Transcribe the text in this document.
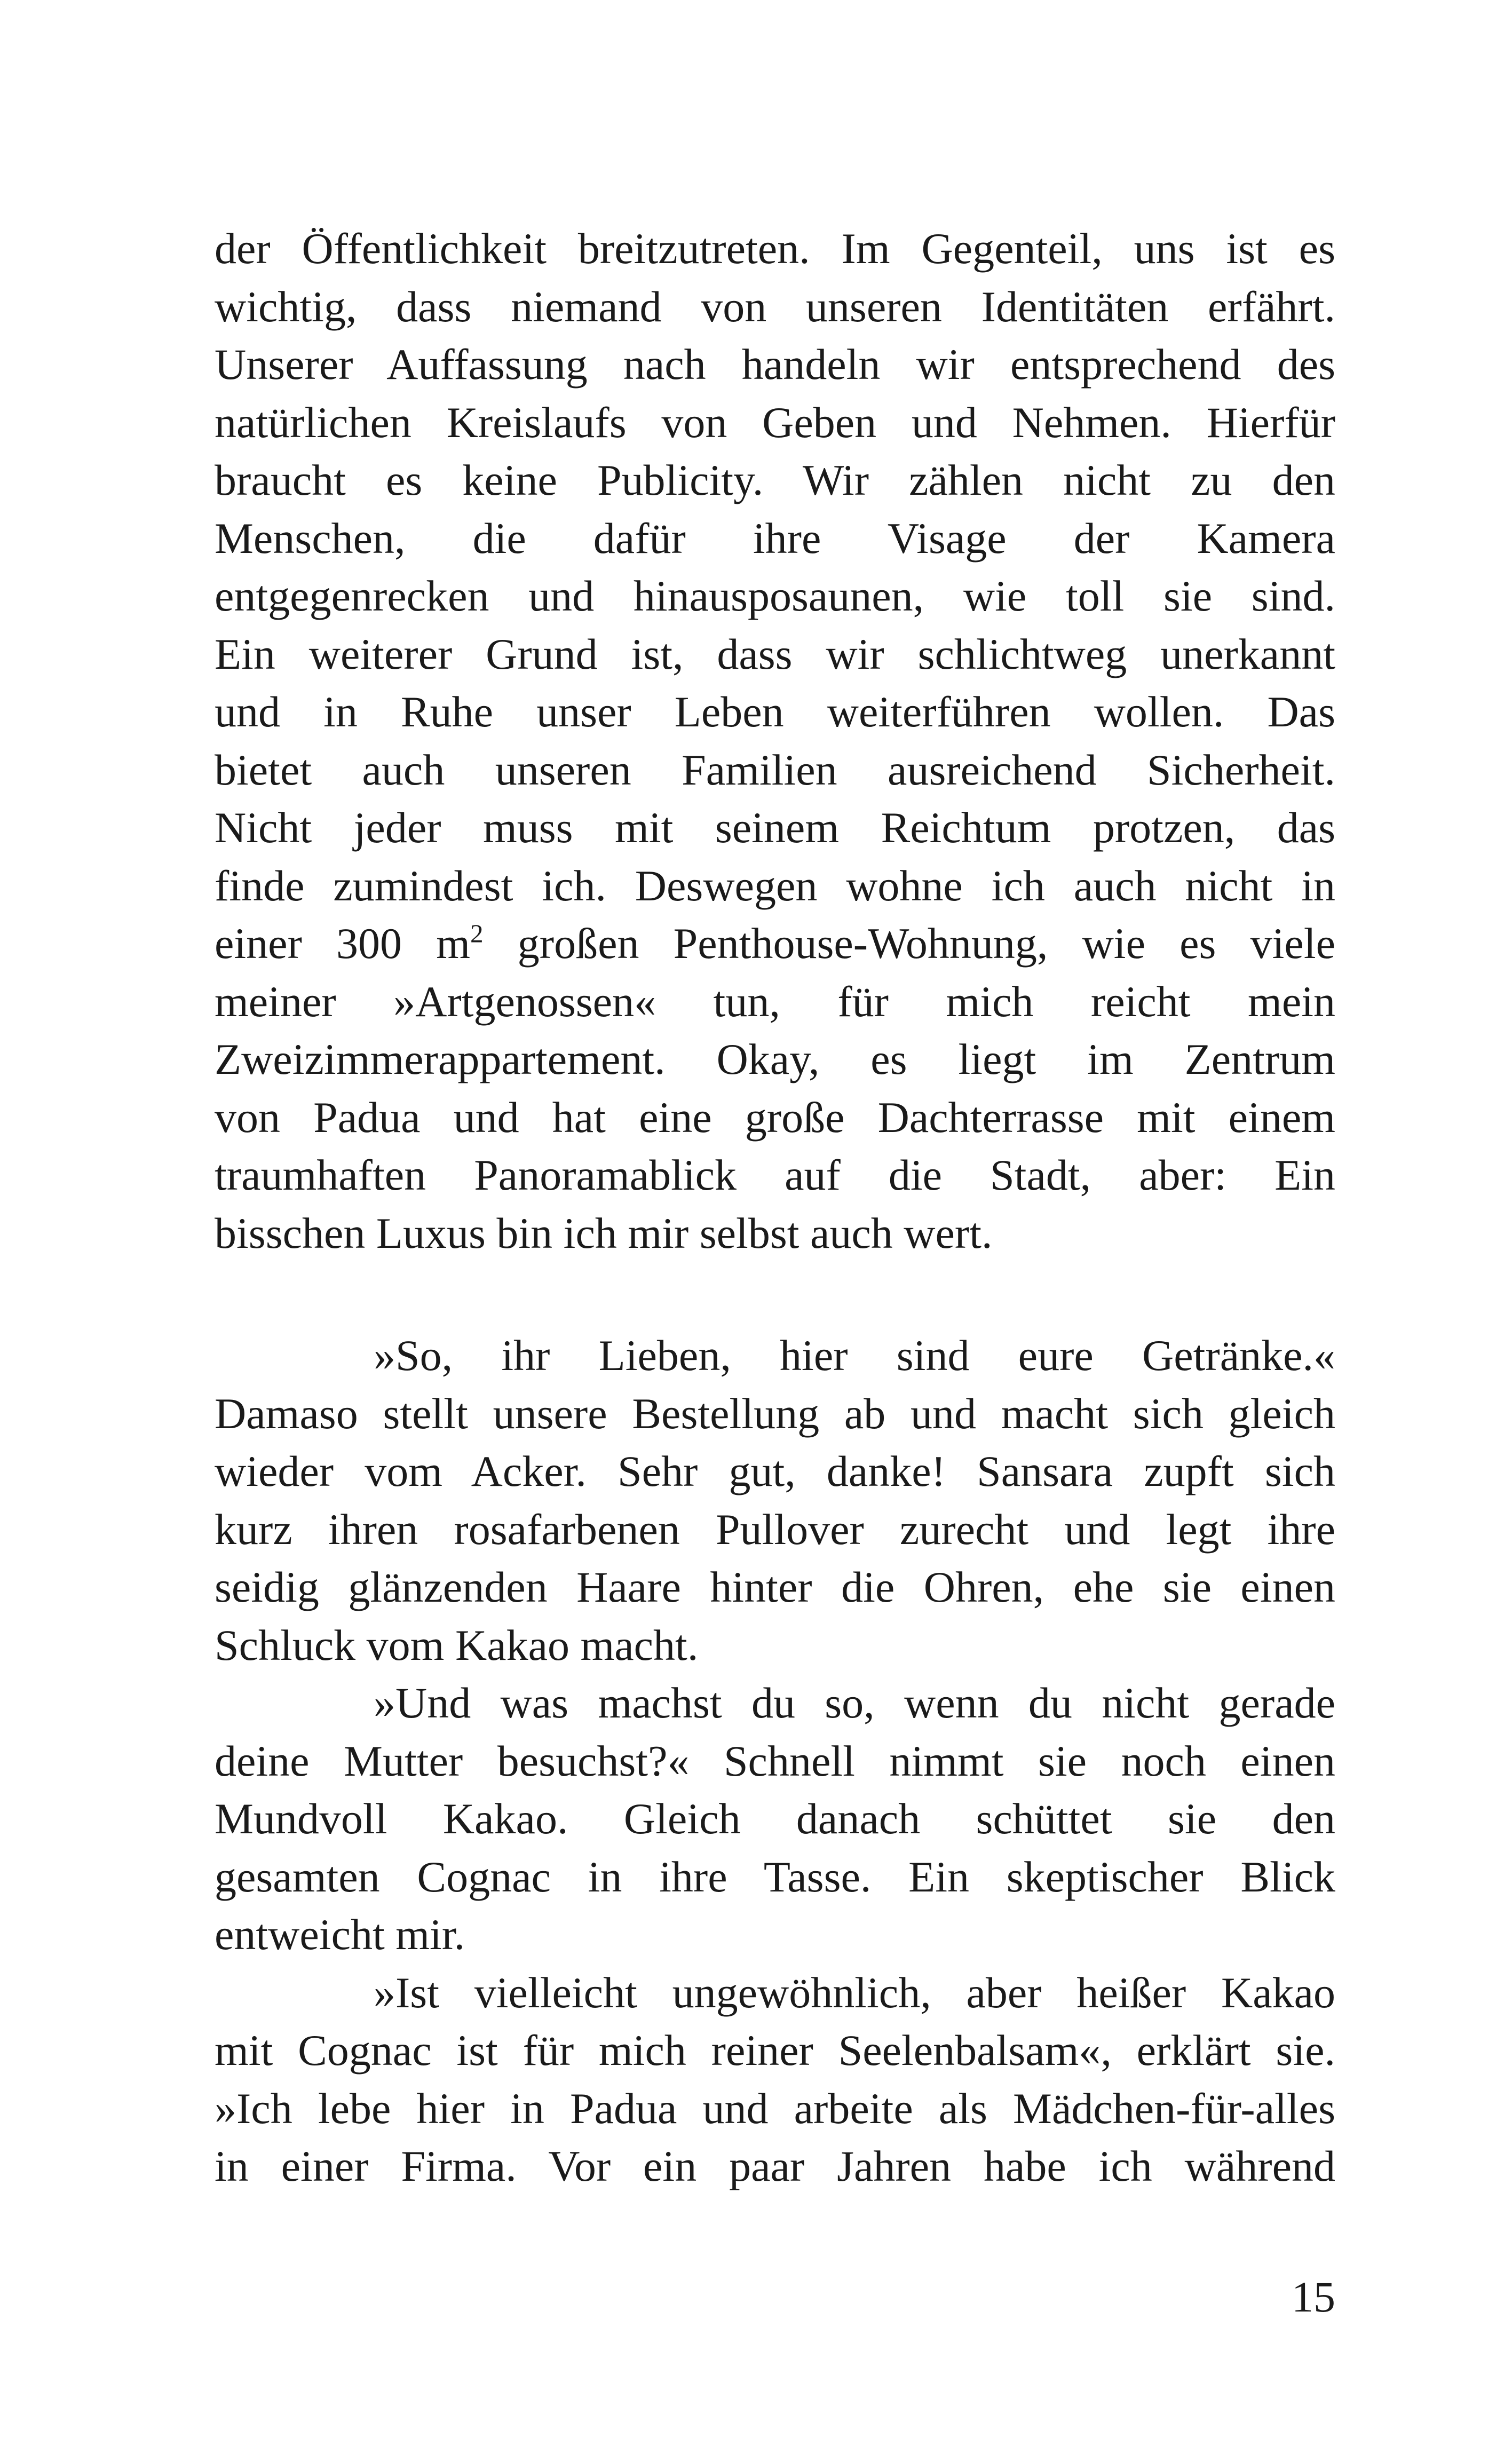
der Öffentlichkeit breitzutreten. Im Gegenteil, uns ist es
wichtig, dass niemand von unseren Identitäten erfährt.
Unserer Auffassung nach handeln wir entsprechend des
natürlichen Kreislaufs von Geben und Nehmen. Hierfür
braucht es keine Publicity. Wir zählen nicht zu den
Menschen, die dafür ihre Visage der Kamera
entgegenrecken und hinausposaunen, wie toll sie sind.
Ein weiterer Grund ist, dass wir schlichtweg unerkannt
und in Ruhe unser Leben weiterführen wollen. Das
bietet auch unseren Familien ausreichend Sicherheit.
Nicht jeder muss mit seinem Reichtum protzen, das
finde zumindest ich. Deswegen wohne ich auch nicht in
einer 300 $m^2$ großen Penthouse-Wohnung, wie es viele
meiner »Artgenossen« tun, für mich reicht mein
Zweizimmerappartement. Okay, es liegt im Zentrum
von Padua und hat eine große Dachterrasse mit einem
traumhaften Panoramablick auf die Stadt, aber: Ein
bisschen Luxus bin ich mir selbst auch wert.
»So, ihr Lieben, hier sind eure Getränke.«
Damaso stellt unsere Bestellung ab und macht sich gleich
wieder vom Acker. Sehr gut, danke! Sansara zupft sich
kurz ihren rosafarbenen Pullover zurecht und legt ihre
seidig glänzenden Haare hinter die Ohren, ehe sie einen
Schluck vom Kakao macht.
»Und was machst du so, wenn du nicht gerade
deine Mutter besuchst?« Schnell nimmt sie noch einen
Mundvoll Kakao. Gleich danach schüttet sie den
gesamten Cognac in ihre Tasse. Ein skeptischer Blick
entweicht mir.
»Ist vielleicht ungewöhnlich, aber heißer Kakao
mit Cognac ist für mich reiner Seelenbalsam«, erklärt sie.
»Ich lebe hier in Padua und arbeite als Mädchen-für-alles
in einer Firma. Vor ein paar Jahren habe ich während
15
